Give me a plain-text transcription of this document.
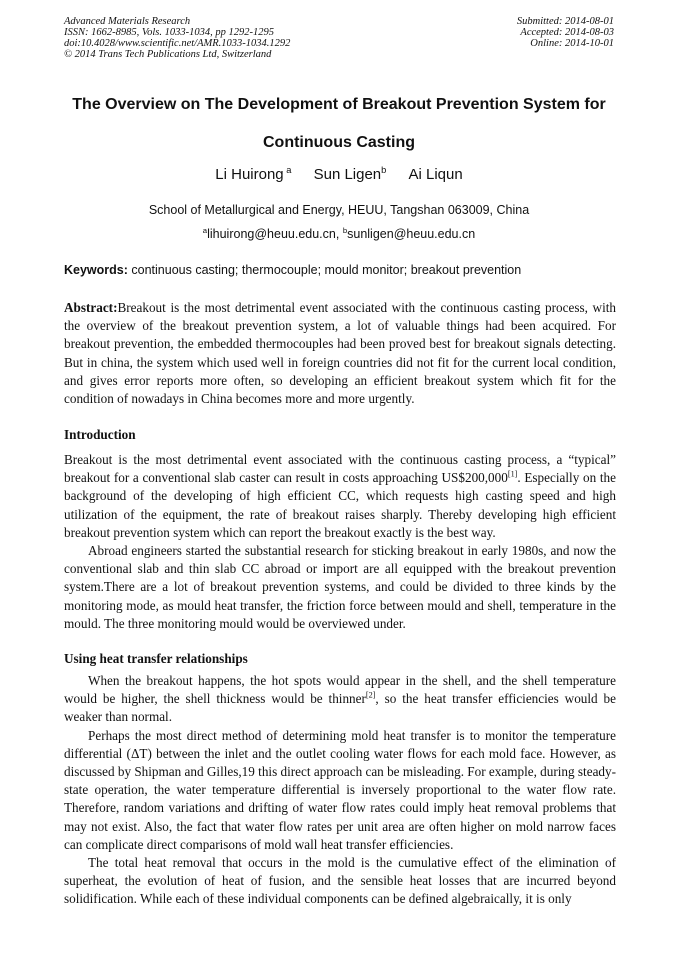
Advanced Materials Research
ISSN: 1662-8985, Vols. 1033-1034, pp 1292-1295
doi:10.4028/www.scientific.net/AMR.1033-1034.1292
© 2014 Trans Tech Publications Ltd, Switzerland
Submitted: 2014-08-01
Accepted: 2014-08-03
Online: 2014-10-01
The Overview on The Development of Breakout Prevention System for
Continuous Casting
Li Huirong $^a$ Sun Ligen$^b$ Ai Liqun
School of Metallurgical and Energy, HEUU, Tangshan 063009, China
$^a$lihuirong@heuu.edu.cn, $^b$sunligen@heuu.edu.cn
Keywords: continuous casting; thermocouple; mould monitor; breakout prevention

Abstract:Breakout is the most detrimental event associated with the continuous casting process, with the overview of the breakout prevention system, a lot of valuable things had been acquired. For breakout prevention, the embedded thermocouples had been proved best for breakout signals detecting. But in china, the system which used well in foreign countries did not fit for the current local condition, and gives error reports more often, so developing an efficient breakout system which fit for the condition of nowadays in China becomes more and more urgently.

Introduction

Breakout is the most detrimental event associated with the continuous casting process, a “typical” breakout for a conventional slab caster can result in costs approaching US$200,000[1]. Especially on the background of the developing of high efficient CC, which requests high casting speed and high utilization of the equipment, the rate of breakout raises sharply. Thereby developing high efficient breakout prevention system which can report the breakout exactly is the best way.

Abroad engineers started the substantial research for sticking breakout in early 1980s, and now the conventional slab and thin slab CC abroad or import are all equipped with the breakout prevention system.There are a lot of breakout prevention systems, and could be divided to three kinds by the monitoring mode, as mould heat transfer, the friction force between mould and shell, temperature in the mould. The three monitoring mould would be overviewed under.

Using heat transfer relationships

When the breakout happens, the hot spots would appear in the shell, and the shell temperature would be higher, the shell thickness would be thinner[2], so the heat transfer efficiencies would be weaker than normal.

Perhaps the most direct method of determining mold heat transfer is to monitor the temperature differential (ΔT) between the inlet and the outlet cooling water flows for each mold face. However, as discussed by Shipman and Gilles,19 this direct approach can be misleading. For example, during steady-state operation, the water temperature differential is inversely proportional to the water flow rate. Therefore, random variations and drifting of water flow rates could imply heat removal problems that may not exist. Also, the fact that water flow rates per unit area are often higher on mold narrow faces can complicate direct comparisons of mold wall heat transfer efficiencies.

The total heat removal that occurs in the mold is the cumulative effect of the elimination of superheat, the evolution of heat of fusion, and the sensible heat losses that are incurred beyond solidification. While each of these individual components can be defined algebraically, it is only
